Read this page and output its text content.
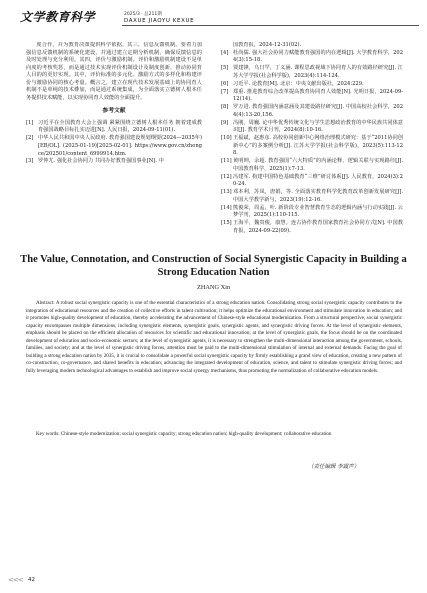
文学教育科学	2025/3 · 总211期
DAXUE JIAOYU KEXUE

度合作，并为教育决策提供科学依据。其三，信息反馈机制。要着力加强信息反馈机制的系统化建设，并通过建立定期分析机制，确保反馈信息的及时处理与充分利用。其四，评价与激励机制。评价和激励机制建设不是单向度的考核奖惩，而是通过技术实现评价机制设计及制度创新，推动协同育人目的的更好实现。其中，评价标准的多元化、激励方式的多样化和构建评价与激励协同的核心考量。概言之，建立在现代技术发展基础上的协同育人机制不是单纯的技术叠加，而是通过系统集成，为全面落实立德树人根本任务提供技术赋能，以实现协同育人效能的全面提升。

参考文献
[1] 习近平在全国教育大会上强调 紧紧围绕立德树人根本任务 朝着建成教育强国战略目标扎实迈进[N]. 人民日报，2024-09-11(01).
[2] 中华人民共和国中央人民政府. 教育强国建设规划纲要(2024—2035年)[EB/OL]. (2025-01-19)[2025-02-01]. https://www.gov.cn/zhengce/202501/content_6999914.htm.
[3] 罗仲尤. 强化社会协同力 共同办好教育强国事业[N]. 中
国教育报，2024-12-31(02).
[4] 杜尚儒. 强大社会协同力赋能教育强国的内在逻辑[J]. 大学教育科学，2024(3):15-18.
[5] 贾建锋，乌日罕，丁义涵. 课程思政视域下协同育人的有效路径研究[J]. 江苏大学学报(社会科学版)，2023(4):114-124.
[6] 习近平. 论教育[M]. 北京：中央文献出版社，2024:229.
[7] 郑重. 推进教育综合改革提高教育协同育人效能[N]. 光明日报，2024-09-12(14).
[8] 罗万进. 教育强国内涵意涵及其建设路径研究[J]. 中国高校社会科学，2024(4):13-20,156.
[9] 冯刚，周巍. 论中华优秀传统文化与学生思想政治教育的中华民族共同体意识[J]. 教育学术月刊，2024(8):10-16.
[10] 王福斌，赵惠彦. 高校协同创新中心网络治理模式研究：基于“2011协同创新中心”的多案例分析[J]. 江苏大学学报(社会科学版)，2023(5):113-128.
[11] 黄明坤，余超. 教育强国“六大特质”的内涵论释、逻辑关联与实现路径[J]. 中国教育科学，2025(1):7-13.
[12] 冯建军. 构建中国特色基础教育“三维”研讨体系[J]. 人民教育，2024(3):20-24.
[13] 邓本利，苏凤，唐娟，等. 全面落实教育科学化教育改革创新发展研究[J]. 中国大学教学新与，2023(19):12-16.
[14] 熊俊荣，周孟，叶. 新阶段专业智慧教育生态的逻辑内涵与行动实践[J]. 云梦学刊，2025(1):110-115.
[15] 王海平，魏贵俊，康慧。连古协作教育国家教育社会协同方式[N]. 中国教育报，2024-09-22(09).
The Value, Connotation, and Construction of Social Synergistic Capacity in Building a Strong Education Nation
ZHANG Xin

Abstract: A robust social synergistic capacity is one of the essential characteristics of a strong education nation. Consolidating strong social synergistic capacity contributes to the integration of educational resources and the creation of collective efforts in talent cultivation; it helps optimize the educational environment and stimulate innovation in education; and it promotes high-quality development of education, thereby accelerating the advancement of Chinese-style educational modernization. From a structural perspective, social synergistic capacity encompasses multiple dimensions, including synergistic elements, synergistic goals, synergistic agents, and synergistic driving forces. At the level of synergistic elements, emphasis should be placed on the efficient allocation of resources for scientific and educational innovation; at the level of synergistic goals, the focus should be on the coordinated development of education and socio-economic sectors; at the level of synergistic agents, it is necessary to strengthen the multi-dimensional interaction among the government, schools, families, and society; and at the level of synergistic driving forces, attention must be paid to the multi-dimensional stimulation of internal and external demands. Facing the goal of building a strong education nation by 2035, it is crucial to consolidate a powerful social synergistic capacity by firmly establishing a grand view of education, creating a new pattern of co-construction, co-governance, and shared benefits in education; advancing the integrated development of education, science, and talent to stimulate synergistic driving forces; and fully leveraging modern technological advantages to establish and improve social synergy mechanisms, thus promoting the normalization of collaborative education models.

Key words: Chinese-style modernization; social synergistic capacity; strong education nation; high-quality development; collaborative education

（责任编辑 李霞声）
<<< 42
